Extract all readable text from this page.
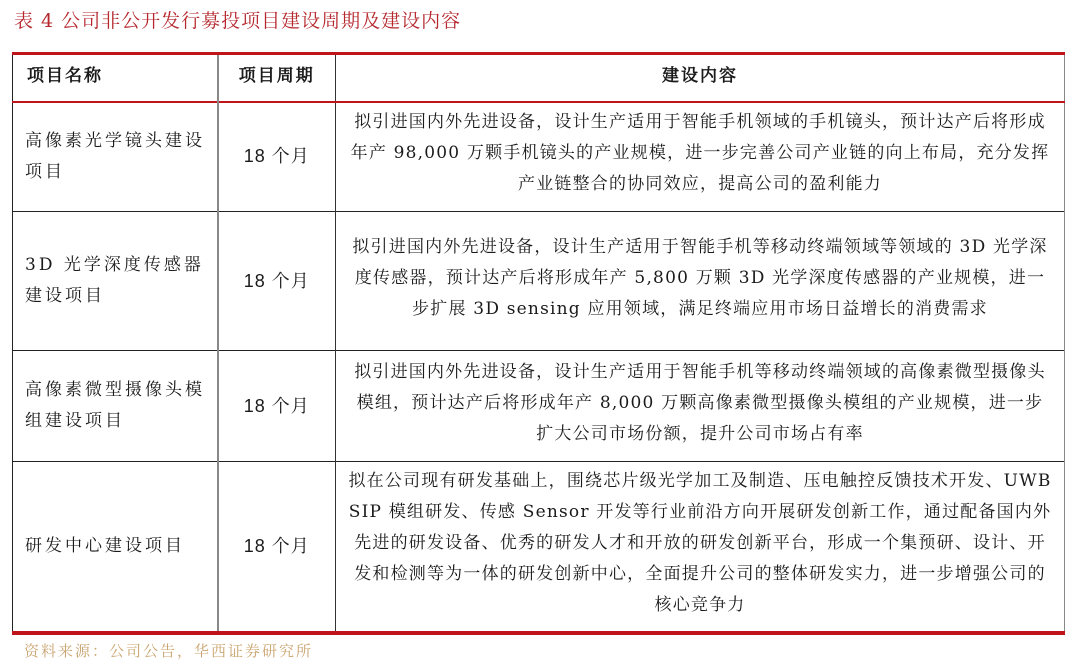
表 4 公司非公开发行募投项目建设周期及建设内容
项目名称	项目周期	建设内容
高像素光学镜头建设项目	18 个月	拟引进国内外先进设备，设计生产适用于智能手机领域的手机镜头，预计达产后将形成年产 98,000 万颗手机镜头的产业规模，进一步完善公司产业链的向上布局，充分发挥产业链整合的协同效应，提高公司的盈利能力
3D 光学深度传感器建设项目	18 个月	拟引进国内外先进设备，设计生产适用于智能手机等移动终端领域等领域的 3D 光学深度传感器，预计达产后将形成年产 5,800 万颗 3D 光学深度传感器的产业规模，进一步扩展 3D sensing 应用领域，满足终端应用市场日益增长的消费需求
高像素微型摄像头模组建设项目	18 个月	拟引进国内外先进设备，设计生产适用于智能手机等移动终端领域的高像素微型摄像头模组，预计达产后将形成年产 8,000 万颗高像素微型摄像头模组的产业规模，进一步扩大公司市场份额，提升公司市场占有率
研发中心建设项目	18 个月	拟在公司现有研发基础上，围绕芯片级光学加工及制造、压电触控反馈技术开发、UWB SIP 模组研发、传感 Sensor 开发等行业前沿方向开展研发创新工作，通过配备国内外先进的研发设备、优秀的研发人才和开放的研发创新平台，形成一个集预研、设计、开发和检测等为一体的研发创新中心，全面提升公司的整体研发实力，进一步增强公司的核心竞争力
资料来源：公司公告，华西证券研究所
